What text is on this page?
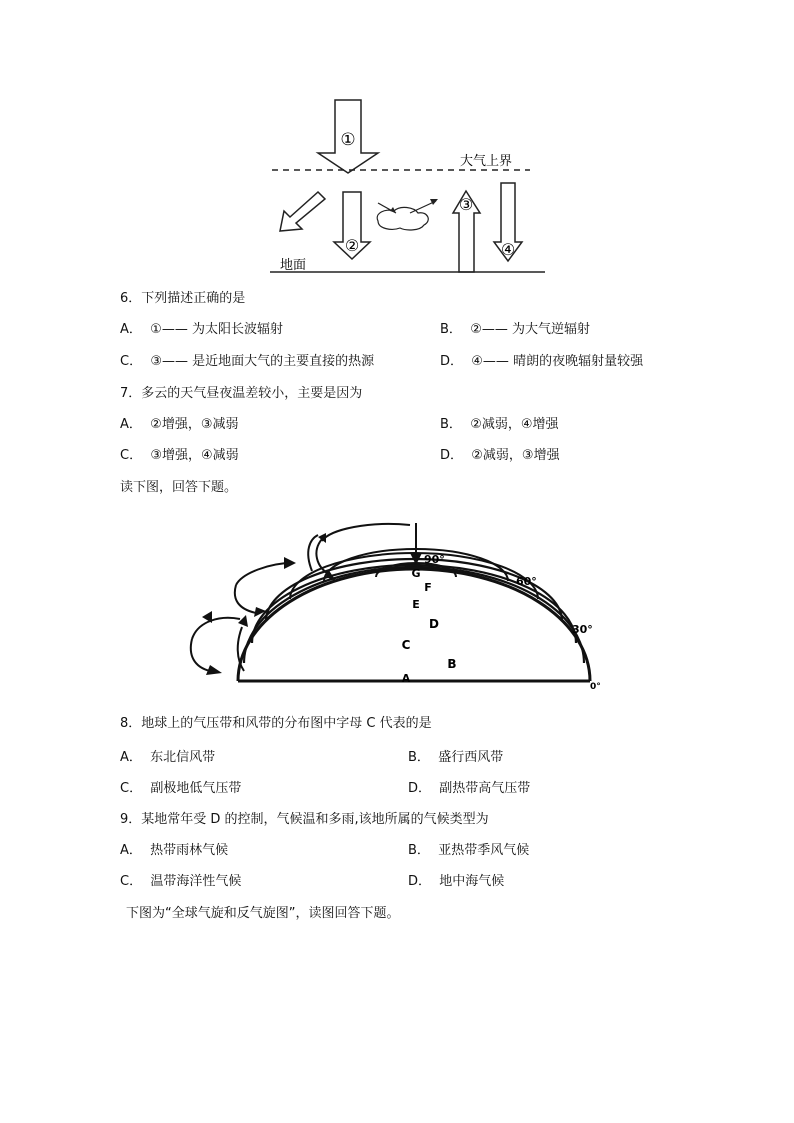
①
大气上界
②
③
④
地面
6．下列描述正确的是
A． ①—— 为太阳长波辐射	B． ②—— 为大气逆辐射
C． ③—— 是近地面大气的主要直接的热源	D． ④—— 晴朗的夜晚辐射量较强
7．多云的天气昼夜温差较小，主要是因为
A． ②增强，③减弱	B． ②减弱，④增强
C． ③增强，④减弱	D． ②减弱，③增强
读下图，回答下题。
G
F
E
D
C
B
A
90°
60°
30°
0°
8．地球上的气压带和风带的分布图中字母 C 代表的是
A． 东北信风带	B． 盛行西风带
C． 副极地低气压带	D． 副热带高气压带
9．某地常年受 D 的控制，气候温和多雨,该地所属的气候类型为
A． 热带雨林气候	B． 亚热带季风气候
C． 温带海洋性气候	D． 地中海气候
下图为“全球气旋和反气旋图”，读图回答下题。
